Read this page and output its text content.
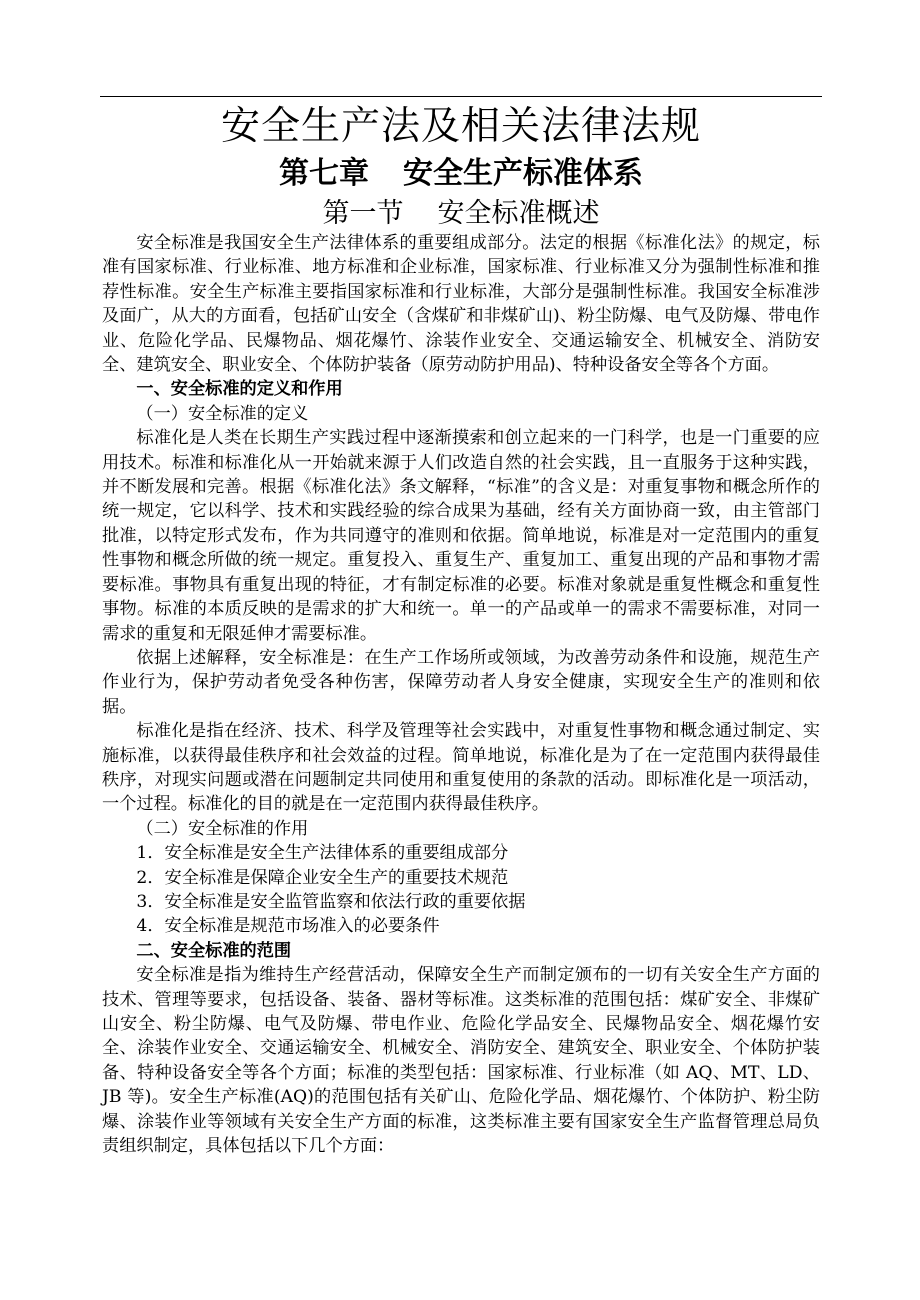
安全生产法及相关法律法规
第七章 安全生产标准体系
第一节 安全标准概述

安全标准是我国安全生产法律体系的重要组成部分。法定的根据《标准化法》的规定，标准有国家标准、行业标准、地方标准和企业标准，国家标准、行业标准又分为强制性标准和推荐性标准。安全生产标准主要指国家标准和行业标准，大部分是强制性标准。我国安全标准涉及面广，从大的方面看，包括矿山安全（含煤矿和非煤矿山)、粉尘防爆、电气及防爆、带电作业、危险化学品、民爆物品、烟花爆竹、涂装作业安全、交通运输安全、机械安全、消防安全、建筑安全、职业安全、个体防护装备（原劳动防护用品)、特种设备安全等各个方面。

一、安全标准的定义和作用

（一）安全标准的定义

标准化是人类在长期生产实践过程中逐渐摸索和创立起来的一门科学，也是一门重要的应用技术。标准和标准化从一开始就来源于人们改造自然的社会实践，且一直服务于这种实践，并不断发展和完善。根据《标准化法》条文解释，“标准”的含义是：对重复事物和概念所作的统一规定，它以科学、技术和实践经验的综合成果为基础，经有关方面协商一致，由主管部门批准，以特定形式发布，作为共同遵守的准则和依据。简单地说，标准是对一定范围内的重复性事物和概念所做的统一规定。重复投入、重复生产、重复加工、重复出现的产品和事物才需要标准。事物具有重复出现的特征，才有制定标准的必要。标准对象就是重复性概念和重复性事物。标准的本质反映的是需求的扩大和统一。单一的产品或单一的需求不需要标准，对同一需求的重复和无限延伸才需要标准。

依据上述解释，安全标准是：在生产工作场所或领域，为改善劳动条件和设施，规范生产作业行为，保护劳动者免受各种伤害，保障劳动者人身安全健康，实现安全生产的准则和依据。

标准化是指在经济、技术、科学及管理等社会实践中，对重复性事物和概念通过制定、实施标准，以获得最佳秩序和社会效益的过程。简单地说，标准化是为了在一定范围内获得最佳秩序，对现实问题或潜在问题制定共同使用和重复使用的条款的活动。即标准化是一项活动，一个过程。标准化的目的就是在一定范围内获得最佳秩序。

（二）安全标准的作用

1．安全标准是安全生产法律体系的重要组成部分

2．安全标准是保障企业安全生产的重要技术规范

3．安全标准是安全监管监察和依法行政的重要依据

4．安全标准是规范市场准入的必要条件

二、安全标准的范围

安全标准是指为维持生产经营活动，保障安全生产而制定颁布的一切有关安全生产方面的技术、管理等要求，包括设备、装备、器材等标准。这类标准的范围包括：煤矿安全、非煤矿山安全、粉尘防爆、电气及防爆、带电作业、危险化学品安全、民爆物品安全、烟花爆竹安全、涂装作业安全、交通运输安全、机械安全、消防安全、建筑安全、职业安全、个体防护装备、特种设备安全等各个方面；标准的类型包括：国家标准、行业标准（如 AQ、MT、LD、JB 等)。安全生产标准(AQ)的范围包括有关矿山、危险化学品、烟花爆竹、个体防护、粉尘防爆、涂装作业等领域有关安全生产方面的标准，这类标准主要有国家安全生产监督管理总局负责组织制定，具体包括以下几个方面：
